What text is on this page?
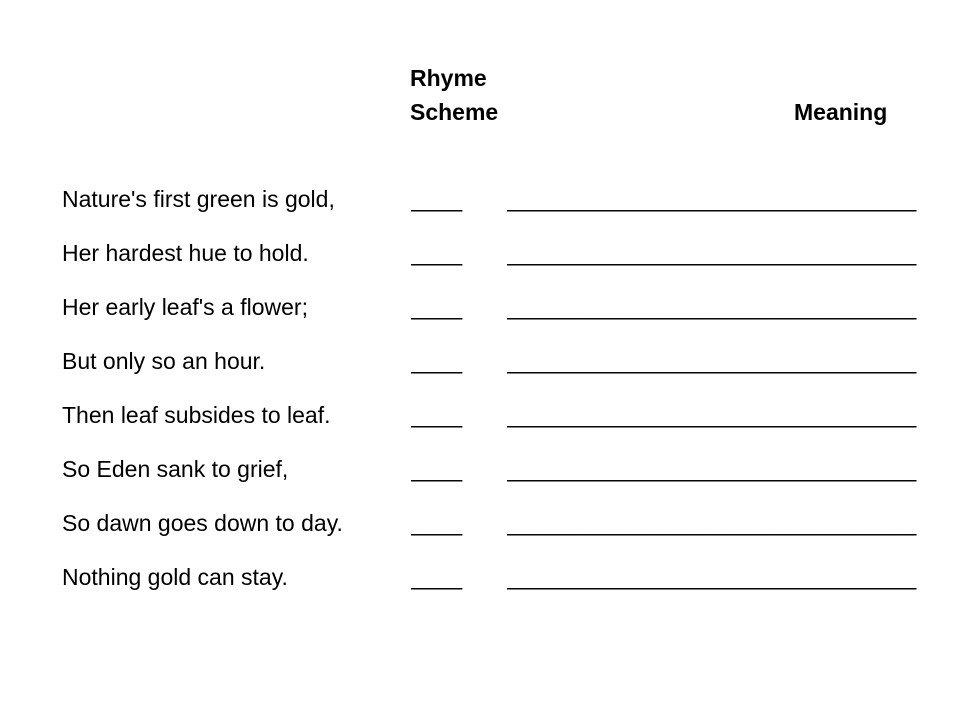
Rhyme
Scheme	Meaning
Nature's first green is gold,	____	________________________________
Her hardest hue to hold.	____	________________________________
Her early leaf's a flower;	____	________________________________
But only so an hour.	____	________________________________
Then leaf subsides to leaf.	____	________________________________
So Eden sank to grief,	____	________________________________
So dawn goes down to day.	____	________________________________
Nothing gold can stay.	____	________________________________
